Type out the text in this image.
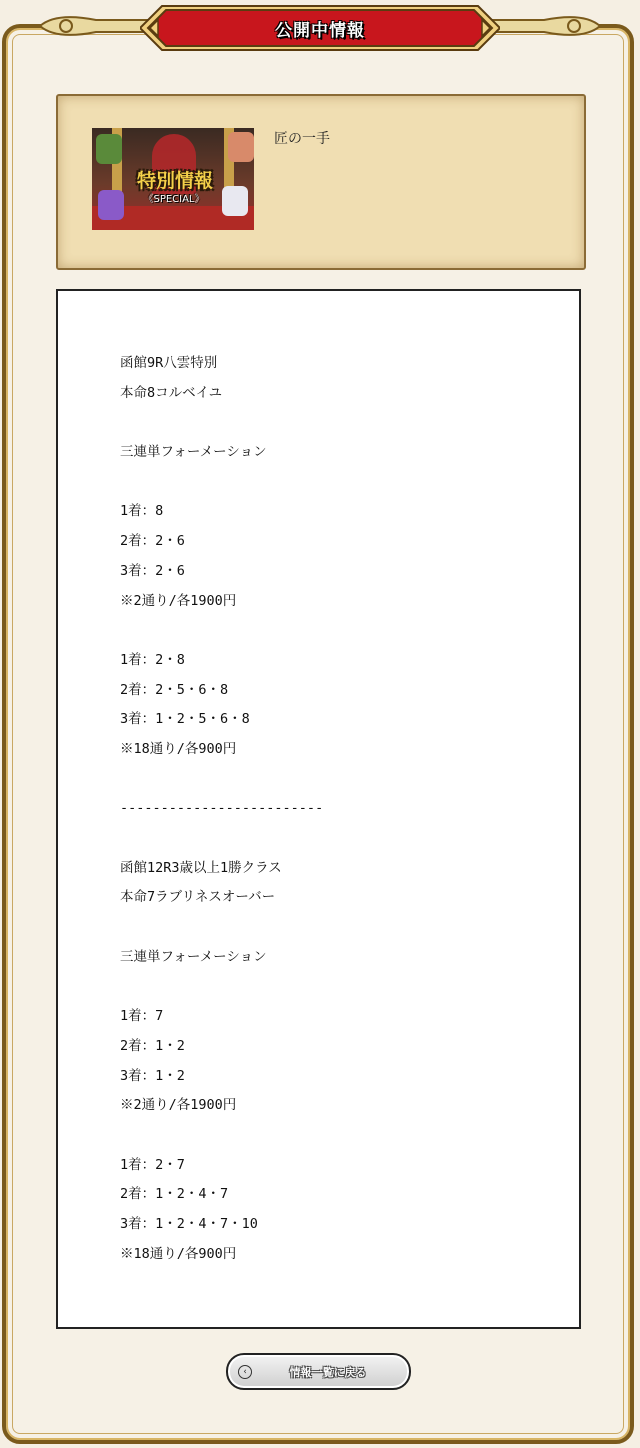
公開中情報
特別情報
《SPECIAL》
匠の一手
函館9R八雲特別
本命8コルベイユ
三連単フォーメーション
1着：8
2着：2・6
3着：2・6
※2通り/各1900円
1着：2・8
2着：2・5・6・8
3着：1・2・5・6・8
※18通り/各900円
-------------------------
函館12R3歳以上1勝クラス
本命7ラブリネスオーバー
三連単フォーメーション
1着：7
2着：1・2
3着：1・2
※2通り/各1900円
1着：2・7
2着：1・2・4・7
3着：1・2・4・7・10
※18通り/各900円
‹	情報一覧に戻る
